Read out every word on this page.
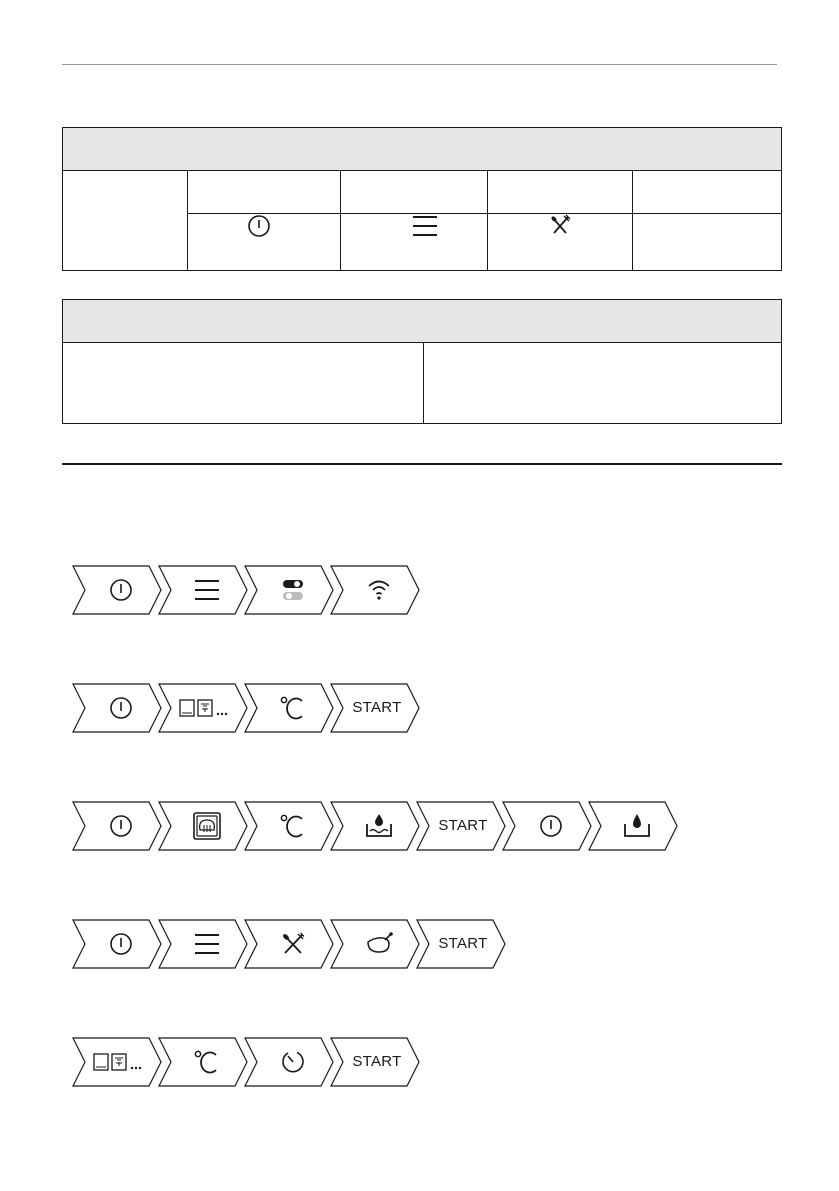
START
START
START
START
